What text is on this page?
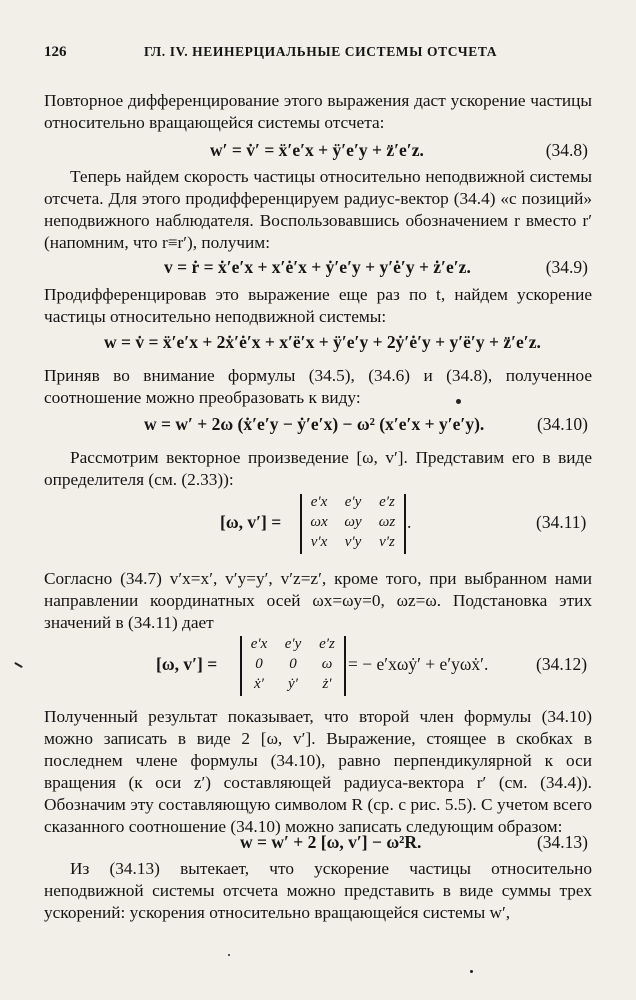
126	ГЛ. IV. НЕИНЕРЦИАЛЬНЫЕ СИСТЕМЫ ОТСЧЕТА
Повторное дифференцирование этого выражения даст ускорение частицы относительно вращающейся системы отсчета:
w′ = v̇′ = ẍ′e′x + ÿ′e′y + z̈′e′z.	(34.8)
Теперь найдем скорость частицы относительно неподвижной системы отсчета. Для этого продифференцируем радиус-вектор (34.4) «с позиций» неподвижного наблюдателя. Воспользовавшись обозначением r вместо r′ (напомним, что r≡r′), получим:
v = ṙ = ẋ′e′x + x′ė′x + ẏ′e′y + y′ė′y + ż′e′z.	(34.9)
Продифференцировав это выражение еще раз по t, найдем ускорение частицы относительно неподвижной системы:
w = v̇ = ẍ′e′x + 2ẋ′ė′x + x′ë′x + ÿ′e′y + 2ẏ′ė′y + y′ë′y + z̈′e′z.
Приняв во внимание формулы (34.5), (34.6) и (34.8), полученное соотношение можно преобразовать к виду:
w = w′ + 2ω (ẋ′e′y − ẏ′e′x) − ω² (x′e′x + y′e′y).	(34.10)
Рассмотрим векторное произведение [ω, v′]. Представим его в виде определителя (см. (2.33)):
[ω, v′] =
e′x	e′y	e′z
ωx	ωy	ωz
v′x	v′y	v′z
.	(34.11)
Согласно (34.7) v′x=x′, v′y=y′, v′z=z′, кроме того, при выбранном нами направлении координатных осей ωx=ωy=0, ωz=ω. Подстановка этих значений в (34.11) дает
[ω, v′] =
e′x	e′y	e′z
0	0	ω
ẋ′	ẏ′	ż′
= − e′xωẏ′ + e′yωẋ′.	(34.12)
Полученный результат показывает, что второй член формулы (34.10) можно записать в виде 2 [ω, v′]. Выражение, стоящее в скобках в последнем члене формулы (34.10), равно перпендикулярной к оси вращения (к оси z′) составляющей радиуса-вектора r′ (см. (34.4)). Обозначим эту составляющую символом R (ср. с рис. 5.5). С учетом всего сказанного соотношение (34.10) можно записать следующим образом:
w = w′ + 2 [ω, v′] − ω²R.	(34.13)
Из (34.13) вытекает, что ускорение частицы относительно неподвижной системы отсчета можно представить в виде суммы трех ускорений: ускорения относительно вращающейся системы w′,
